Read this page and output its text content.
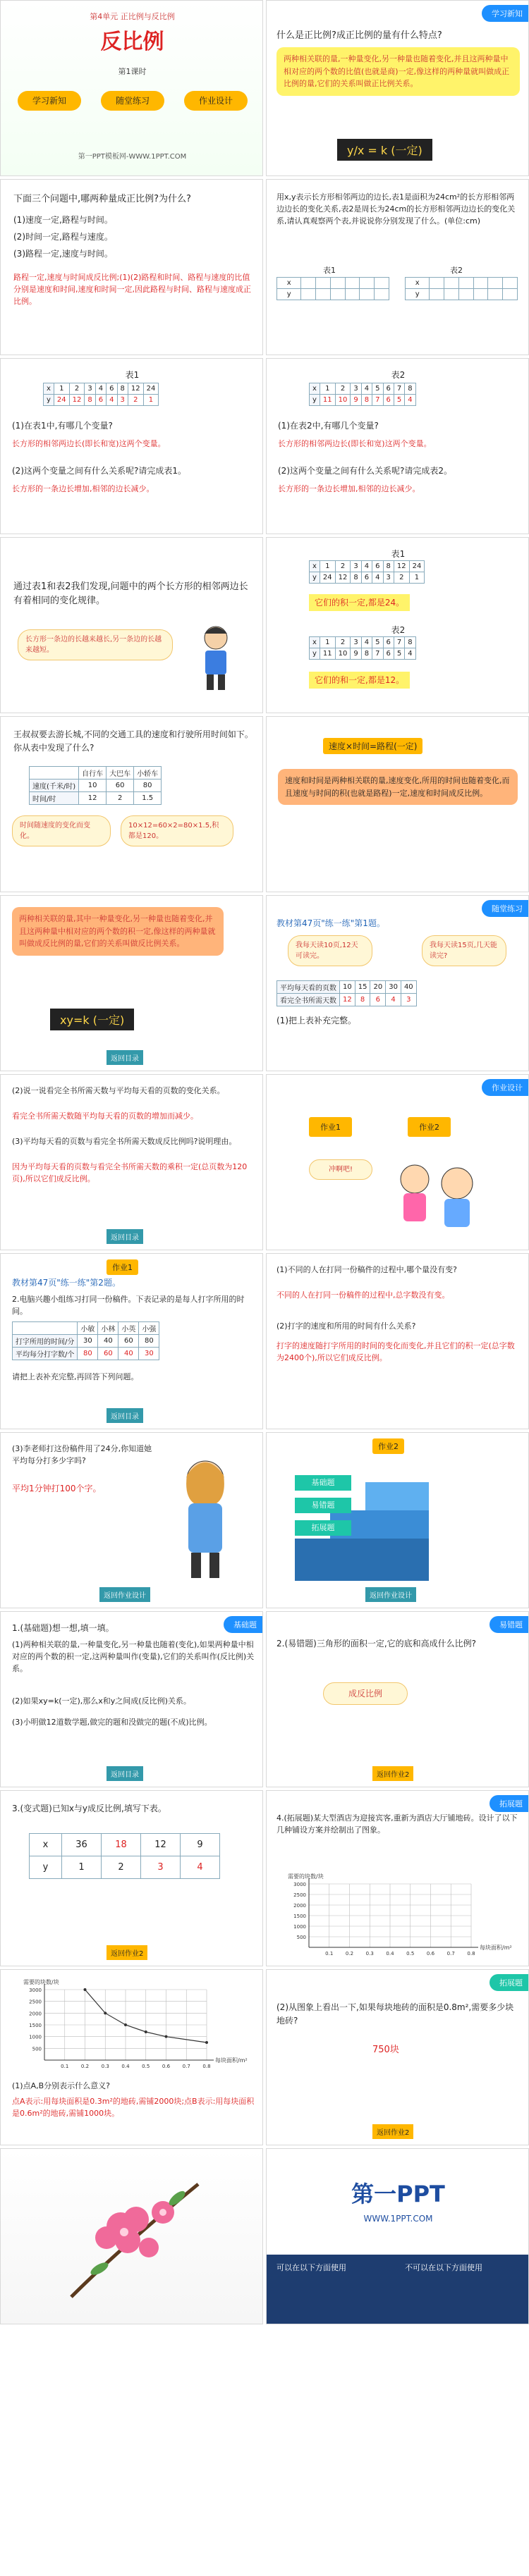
第4单元 正比例与反比例
反比例
第1课时
学习新知	随堂练习	作业设计
第一PPT模板网-WWW.1PPT.COM
学习新知
什么是正比例?成正比例的量有什么特点?
两种相关联的量,一种量变化,另一种量也随着变化,并且这两种量中相对应的两个数的比值(也就是商)一定,像这样的两种量就叫做成正比例的量,它们的关系叫做正比例关系。
y/x = k (一定)
下面三个问题中,哪两种量成正比例?为什么?
(1)速度一定,路程与时间。
(2)时间一定,路程与速度。
(3)路程一定,速度与时间。
路程一定,速度与时间成反比例;(1)(2)路程和时间、路程与速度的比值分别是速度和时间,速度和时间一定,因此路程与时间、路程与速度成正比例。
用x,y表示长方形相邻两边的边长,表1是面积为24cm²的长方形相邻两边边长的变化关系,表2是周长为24cm的长方形相邻两边边长的变化关系,请认真观察两个表,并说说你分别发现了什么。(单位:cm)
表1	表2
x						
y						
x						
y						
表1
x	1	2	3	4	6	8	12	24
y	24	12	8	6	4	3	2	1
(1)在表1中,有哪几个变量?
长方形的相邻两边长(即长和宽)这两个变量。
(2)这两个变量之间有什么关系呢?请完成表1。
长方形的一条边长增加,相邻的边长减少。
表2
x	1	2	3	4	5	6	7	8
y	11	10	9	8	7	6	5	4
(1)在表2中,有哪几个变量?
长方形的相邻两边长(即长和宽)这两个变量。
(2)这两个变量之间有什么关系呢?请完成表2。
长方形的一条边长增加,相邻的边长减少。
通过表1和表2我们发现,问题中的两个长方形的相邻两边长有着相同的变化规律。
长方形一条边的长越来越长,另一条边的长越来越短。
表1
x	1	2	3	4	6	8	12	24
y	24	12	8	6	4	3	2	1
它们的积一定,都是24。
表2
x	1	2	3	4	5	6	7	8
y	11	10	9	8	7	6	5	4
它们的和一定,都是12。
王叔叔要去游长城,不同的交通工具的速度和行驶所用时间如下。你从表中发现了什么?
	自行车	大巴车	小轿车
速度(千米/时)	10	60	80
时间/时	12	2	1.5
时间随速度的变化而变化。
10×12=60×2=80×1.5,积都是120。
速度×时间=路程(一定)
速度和时间是两种相关联的量,速度变化,所用的时间也随着变化,而且速度与时间的积(也就是路程)一定,速度和时间成反比例。
两种相关联的量,其中一种量变化,另一种量也随着变化,并且这两种量中相对应的两个数的积一定,像这样的两种量就叫做成反比例的量,它们的关系叫做反比例关系。
xy=k (一定)
返回目录
随堂练习
教材第47页"练一练"第1题。
我每天读10页,12天可读完。
我每天读15页,几天能读完?
平均每天看的页数	10	15	20	30	40
看完全书所需天数	12	8	6	4	3
(1)把上表补充完整。
(2)说一说看完全书所需天数与平均每天看的页数的变化关系。
看完全书所需天数随平均每天看的页数的增加而减少。
(3)平均每天看的页数与看完全书所需天数成反比例吗?说明理由。
因为平均每天看的页数与看完全书所需天数的乘积一定(总页数为120页),所以它们成反比例。
返回目录
作业设计
作业1	作业2
冲啊吧!
作业1
教材第47页"练一练"第2题。
2.电脑兴趣小组练习打同一份稿件。下表记录的是每人打字所用的时间。
	小敏	小林	小英	小强
打字所用的时间/分	30	40	60	80
平均每分打字数/个	80	60	40	30
请把上表补充完整,再回答下列问题。
返回目录
(1)不同的人在打同一份稿件的过程中,哪个量没有变?
不同的人在打同一份稿件的过程中,总字数没有变。
(2)打字的速度和所用的时间有什么关系?
打字的速度随打字所用的时间的变化而变化,并且它们的积一定(总字数为2400个),所以它们成反比例。
(3)李老师打这份稿件用了24分,你知道她平均每分打多少字吗?
平均1分钟打100个字。
返回作业设计
作业2
基础题
易错题
拓展题
返回作业设计
基础题
1.(基础题)想一想,填一填。
(1)两种相关联的量,一种量变化,另一种量也随着(变化),如果两种量中相对应的两个数的积一定,这两种量叫作(变量),它们的关系叫作(反比例)关系。
(2)如果xy=k(一定),那么x和y之间成(反比例)关系。
(3)小明做12道数学题,做完的题和没做完的题(不成)比例。
返回目录
易错题
2.(易错题)三角形的面积一定,它的底和高成什么比例?
成反比例
返回作业2
3.(变式题)已知x与y成反比例,填写下表。
x	36	18	12	9
y	1	2	3	4
返回作业2
拓展题
4.(拓展题)某大型酒店为迎接宾客,重新为酒店大厅铺地砖。设计了以下几种铺设方案并绘制出了图象。
0.1	0.2	0.3	0.4	0.5	0.6	0.7	0.8
500
1000
1500
2000
2500
3000
需要的块数/块
每块面积/m²
0.1	0.2	0.3	0.4	0.5	0.6	0.7	0.8
500
1000
1500
2000
2500
3000
需要的块数/块
每块面积/m²
(1)点A,B分别表示什么意义?
点A表示:用每块面积是0.3m²的地砖,需铺2000块;点B表示:用每块面积是0.6m²的地砖,需铺1000块。
拓展题
(2)从图象上看出一下,如果每块地砖的面积是0.8m²,需要多少块地砖?
750块
返回作业2
第一PPT
WWW.1PPT.COM
可以在以下方面使用	不可以在以下方面使用
